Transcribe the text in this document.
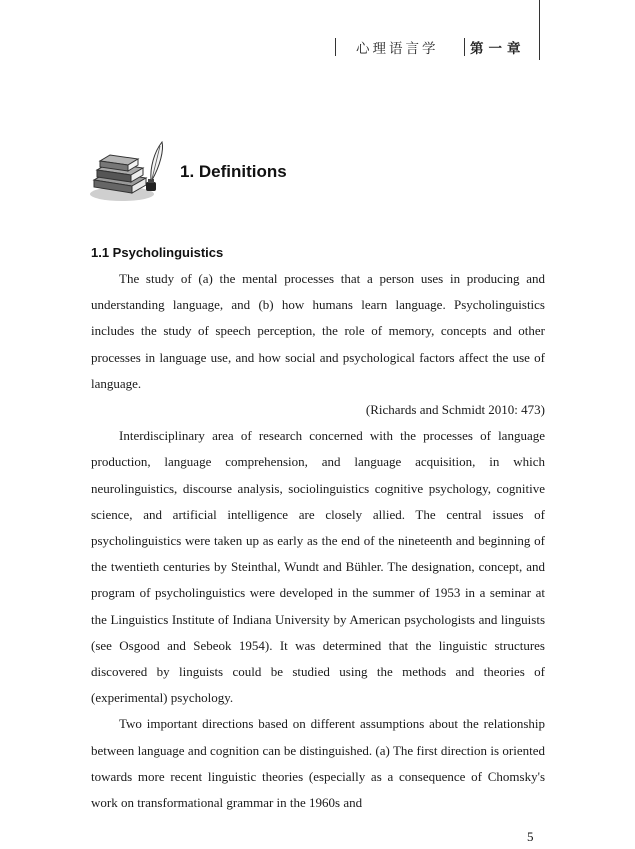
心理语言学 第一章
1. Definitions
1.1 Psycholinguistics

The study of (a) the mental processes that a person uses in producing and understanding language, and (b) how humans learn language. Psycholinguistics includes the study of speech perception, the role of memory, concepts and other processes in language use, and how social and psychological factors affect the use of language.

(Richards and Schmidt 2010: 473)

Interdisciplinary area of research concerned with the processes of language production, language comprehension, and language acquisition, in which neurolinguistics, discourse analysis, sociolinguistics cognitive psychology, cognitive science, and artificial intelligence are closely allied. The central issues of psycholinguistics were taken up as early as the end of the nineteenth and beginning of the twentieth centuries by Steinthal, Wundt and Bühler. The designation, concept, and program of psycholinguistics were developed in the summer of 1953 in a seminar at the Linguistics Institute of Indiana University by American psychologists and linguists (see Osgood and Sebeok 1954). It was determined that the linguistic structures discovered by linguists could be studied using the methods and theories of (experimental) psychology.

Two important directions based on different assumptions about the relationship between language and cognition can be distinguished. (a) The first direction is oriented towards more recent linguistic theories (especially as a consequence of Chomsky's work on transformational grammar in the 1960s and

5
